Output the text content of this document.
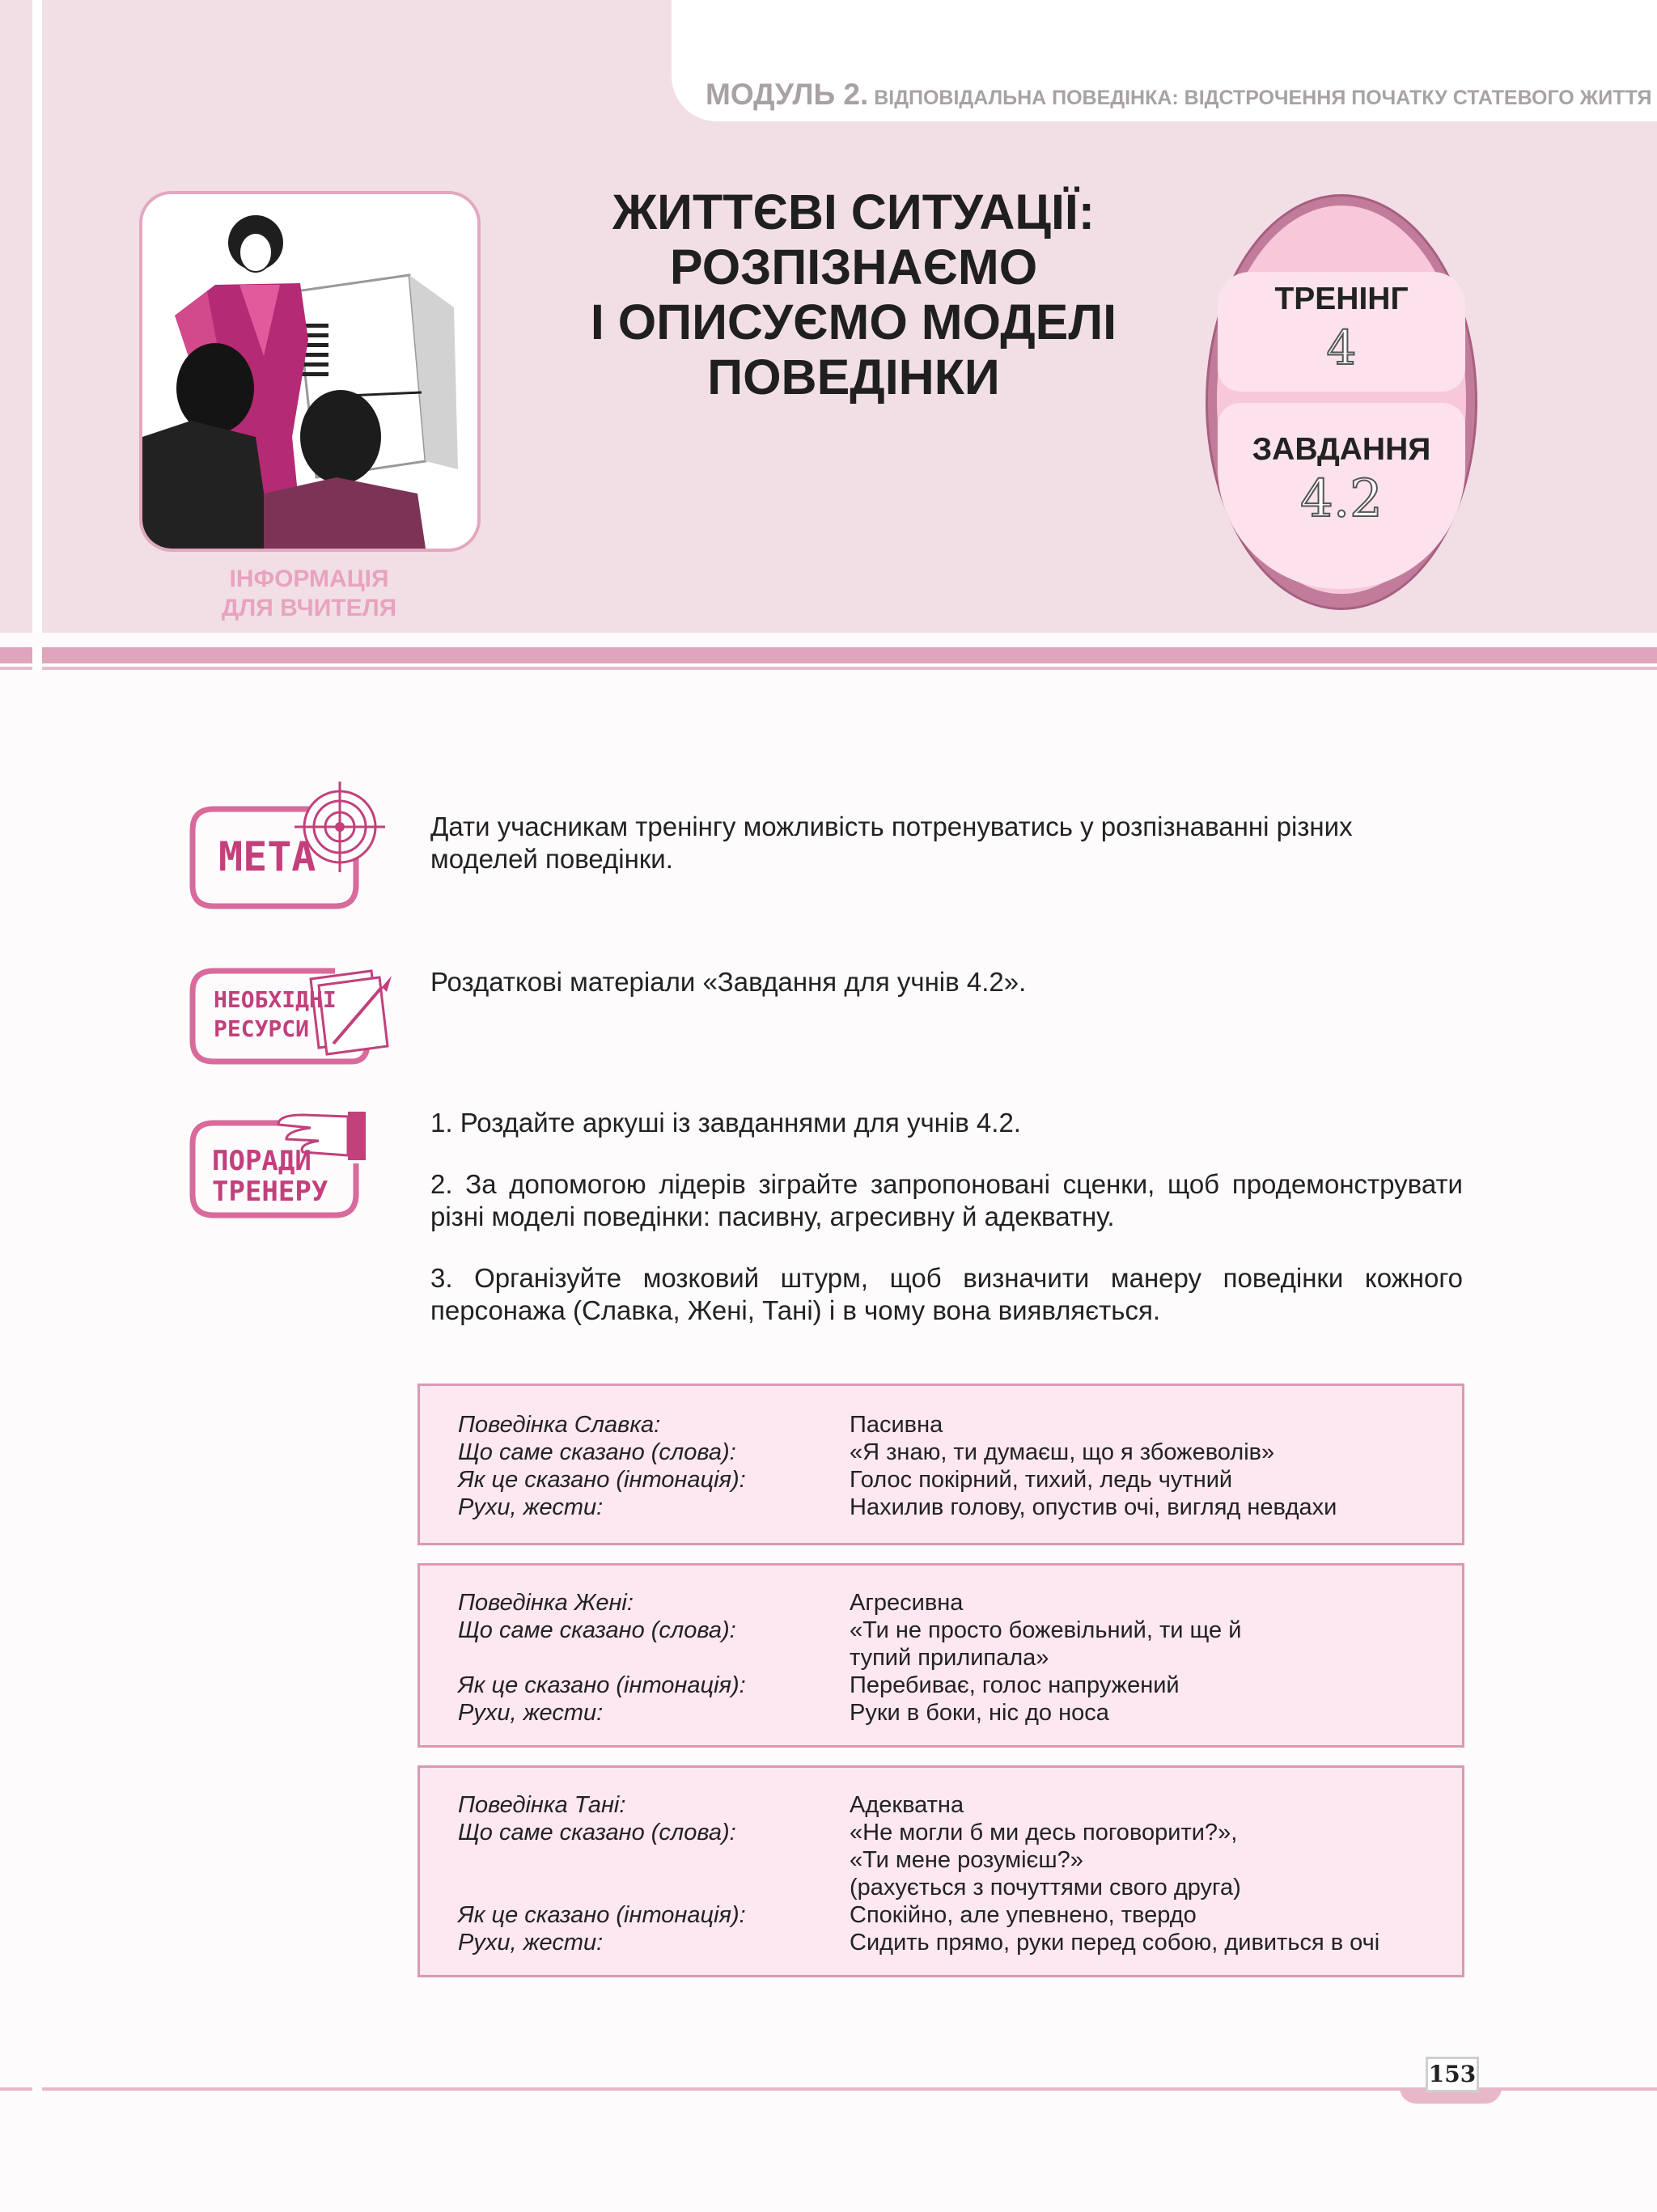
МОДУЛЬ 2. ВІДПОВІДАЛЬНА ПОВЕДІНКА: ВІДСТРОЧЕННЯ ПОЧАТКУ СТАТЕВОГО ЖИТТЯ
ІНФОРМАЦІЯ
ДЛЯ ВЧИТЕЛЯ
ЖИТТЄВІ СИТУАЦІЇ:
РОЗПІЗНАЄМО
І ОПИСУЄМО МОДЕЛІ
ПОВЕДІНКИ
ТРЕНІНГ
4
ЗАВДАННЯ
4.2
МЕТА
НЕОБХІДНІ
РЕСУРСИ
ПОРАДИ
ТРЕНЕРУ
Дати учасникам тренінгу можливість потренуватись у розпізнаванні різних моделей поведінки.
Роздаткові матеріали «Завдання для учнів 4.2».
1. Роздайте аркуші із завданнями для учнів 4.2.
2. За допомогою лідерів зіграйте запропоновані сценки, щоб продемонструвати різні моделі поведінки: пасивну, агресивну й адекватну.
3. Організуйте мозковий штурм, щоб визначити манеру поведінки кожного персонажа (Славка, Жені, Тані) і в чому вона виявляється.
Поведінка Славка:	Пасивна
Що саме сказано (слова):	«Я знаю, ти думаєш, що я збожеволів»
Як це сказано (інтонація):	Голос покірний, тихий, ледь чутний
Рухи, жести:	Нахилив голову, опустив очі, вигляд невдахи
Поведінка Жені:	Агресивна
Що саме сказано (слова):	«Ти не просто божевільний, ти ще й
тупий прилипала»
Як це сказано (інтонація):	Перебиває, голос напружений
Рухи, жести:	Руки в боки, ніс до носа
Поведінка Тані:	Адекватна
Що саме сказано (слова):	«Не могли б ми десь поговорити?»,
«Ти мене розумієш?»
(рахується з почуттями свого друга)
Як це сказано (інтонація):	Спокійно, але упевнено, твердо
Рухи, жести:	Сидить прямо, руки перед собою, дивиться в очі
153
